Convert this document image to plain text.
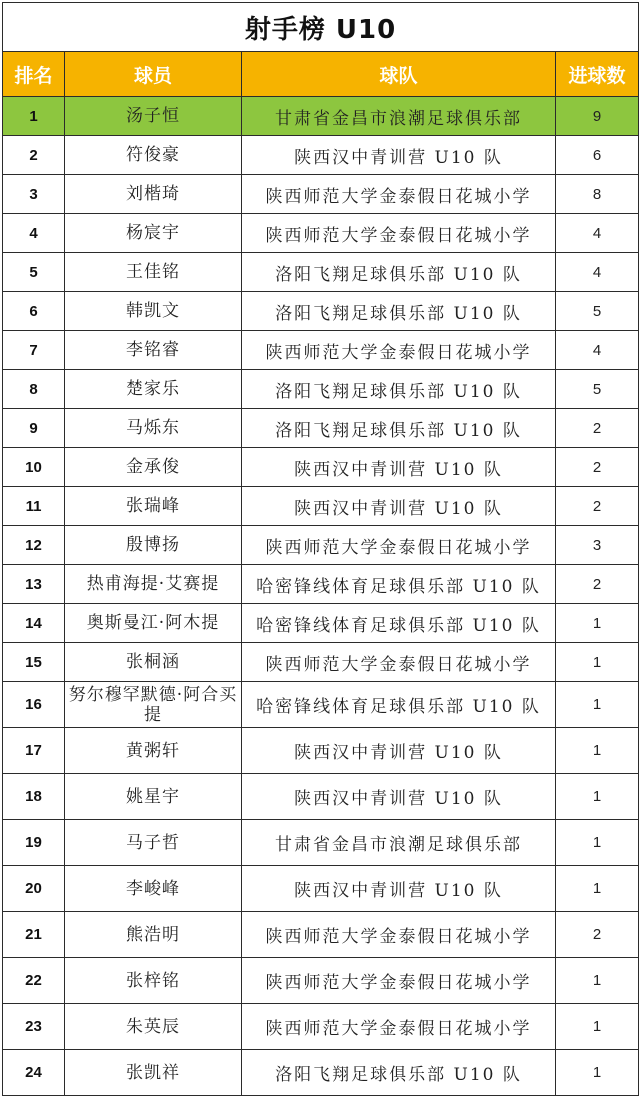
射手榜 U10			
排名	球员	球队	进球数
1	汤子恒	甘肃省金昌市浪潮足球俱乐部	9
2	符俊豪	陕西汉中青训营 U10 队	6
3	刘楷琦	陕西师范大学金泰假日花城小学	8
4	杨宸宇	陕西师范大学金泰假日花城小学	4
5	王佳铭	洛阳飞翔足球俱乐部 U10 队	4
6	韩凯文	洛阳飞翔足球俱乐部 U10 队	5
7	李铭睿	陕西师范大学金泰假日花城小学	4
8	楚家乐	洛阳飞翔足球俱乐部 U10 队	5
9	马烁东	洛阳飞翔足球俱乐部 U10 队	2
10	金承俊	陕西汉中青训营 U10 队	2
11	张瑞峰	陕西汉中青训营 U10 队	2
12	殷博扬	陕西师范大学金泰假日花城小学	3
13	热甫海提·艾赛提	哈密锋线体育足球俱乐部 U10 队	2
14	奥斯曼江·阿木提	哈密锋线体育足球俱乐部 U10 队	1
15	张桐涵	陕西师范大学金泰假日花城小学	1
16	努尔穆罕默德·阿合买提	哈密锋线体育足球俱乐部 U10 队	1
17	黄粥轩	陕西汉中青训营 U10 队	1
18	姚星宇	陕西汉中青训营 U10 队	1
19	马子哲	甘肃省金昌市浪潮足球俱乐部	1
20	李峻峰	陕西汉中青训营 U10 队	1
21	熊浩明	陕西师范大学金泰假日花城小学	2
22	张梓铭	陕西师范大学金泰假日花城小学	1
23	朱英辰	陕西师范大学金泰假日花城小学	1
24	张凯祥	洛阳飞翔足球俱乐部 U10 队	1
